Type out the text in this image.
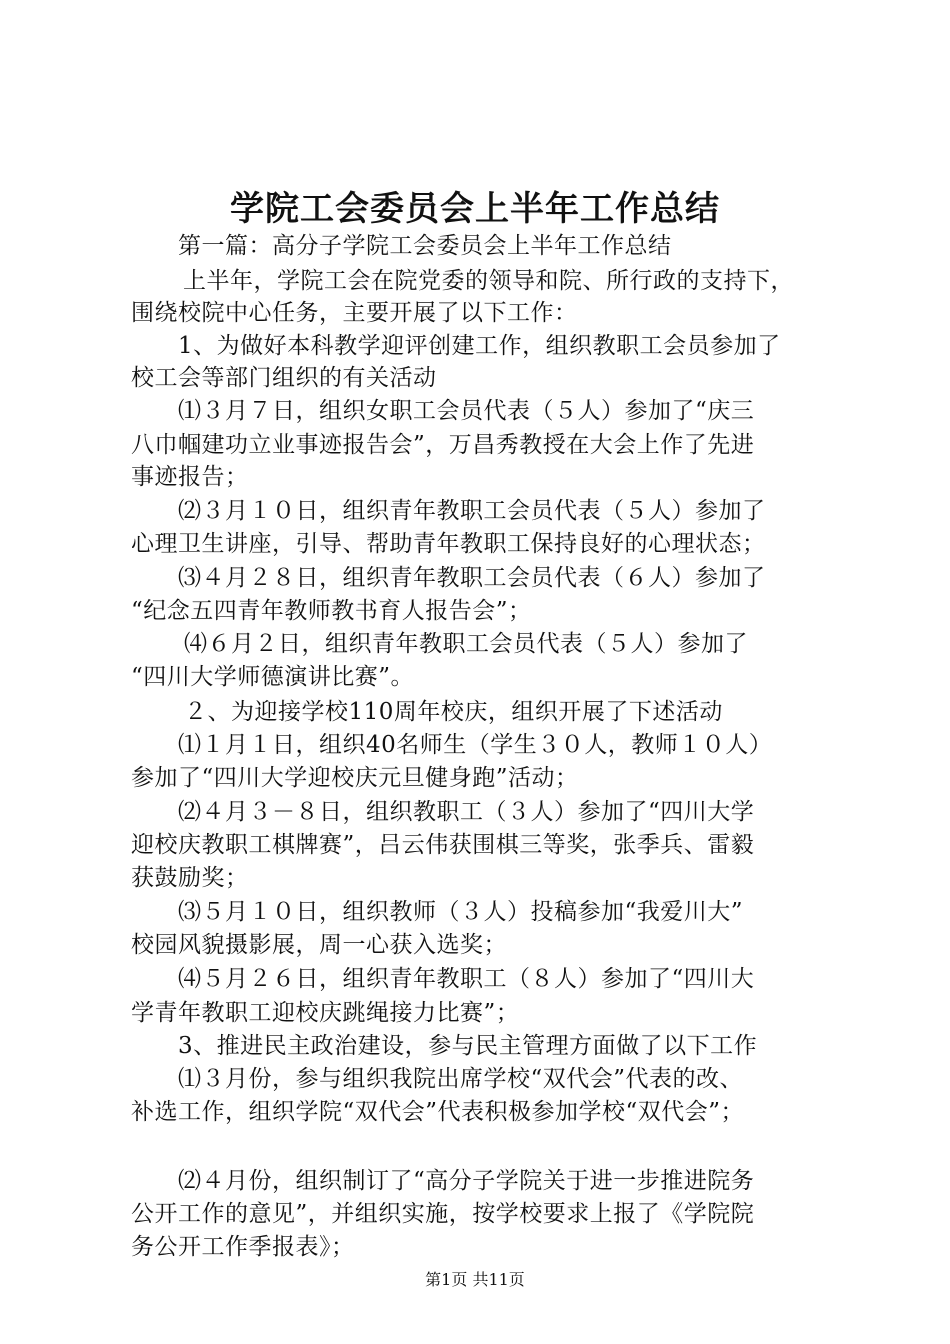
学院工会委员会上半年工作总结

第一篇：高分子学院工会委员会上半年工作总结

上半年，学院工会在院党委的领导和院、所行政的支持下，

围绕校院中心任务，主要开展了以下工作：

1、为做好本科教学迎评创建工作，组织教职工会员参加了

校工会等部门组织的有关活动

⑴３月７日，组织女职工会员代表（５人）参加了“庆三

八巾帼建功立业事迹报告会”，万昌秀教授在大会上作了先进

事迹报告；

⑵３月１０日，组织青年教职工会员代表（５人）参加了

心理卫生讲座，引导、帮助青年教职工保持良好的心理状态；

⑶４月２８日，组织青年教职工会员代表（６人）参加了

“纪念五四青年教师教书育人报告会”；

⑷６月２日，组织青年教职工会员代表（５人）参加了

“四川大学师德演讲比赛”。

２、为迎接学校110周年校庆，组织开展了下述活动

⑴１月１日，组织40名师生（学生３０人，教师１０人）

参加了“四川大学迎校庆元旦健身跑”活动；

⑵４月３－８日，组织教职工（３人）参加了“四川大学

迎校庆教职工棋牌赛”，吕云伟获围棋三等奖，张季兵、雷毅

获鼓励奖；

⑶５月１０日，组织教师（３人）投稿参加“我爱川大”

校园风貌摄影展，周一心获入选奖；

⑷５月２６日，组织青年教职工（８人）参加了“四川大

学青年教职工迎校庆跳绳接力比赛”；

3、推进民主政治建设，参与民主管理方面做了以下工作

⑴３月份，参与组织我院出席学校“双代会”代表的改、

补选工作，组织学院“双代会”代表积极参加学校“双代会”；

⑵４月份，组织制订了“高分子学院关于进一步推进院务

公开工作的意见”，并组织实施，按学校要求上报了《学院院

务公开工作季报表》；

第1页 共11页
